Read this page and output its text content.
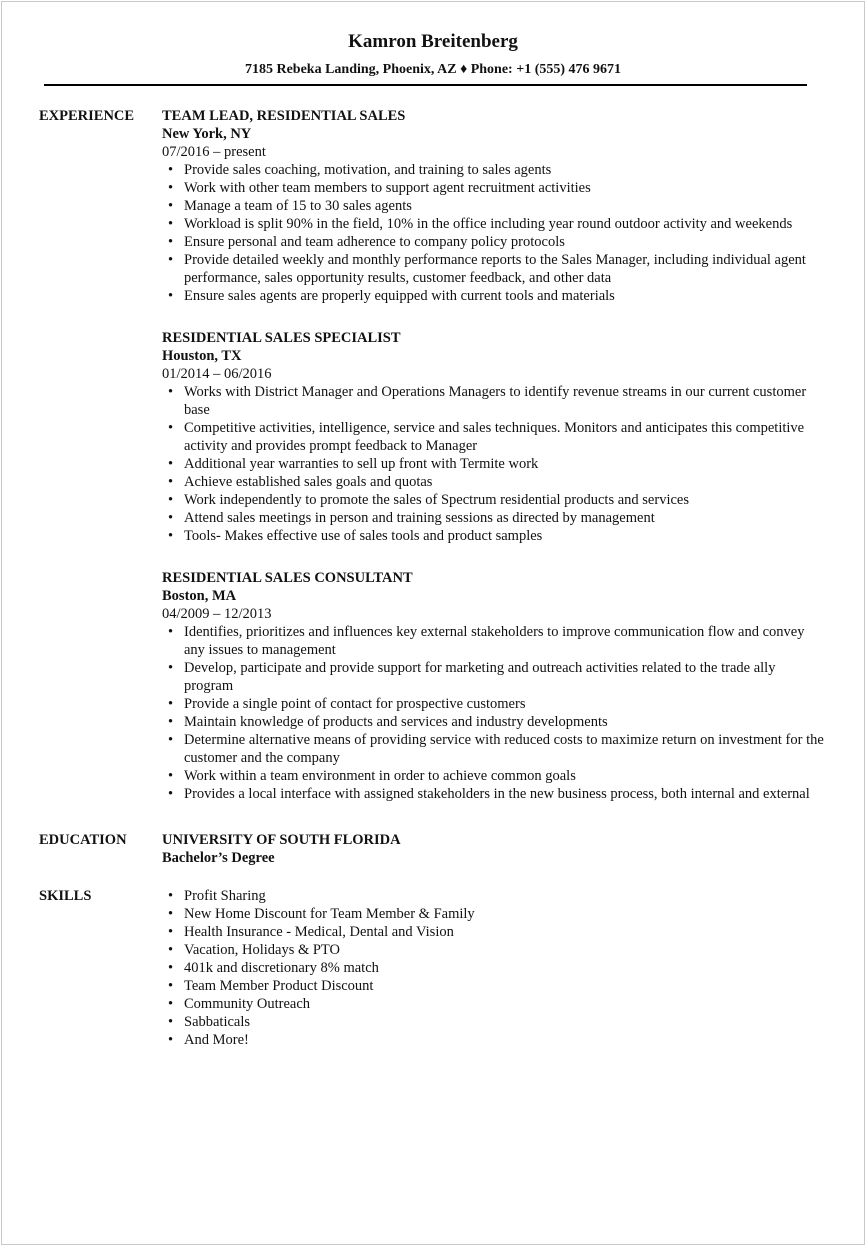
Kamron Breitenberg
7185 Rebeka Landing, Phoenix, AZ ♦ Phone: +1 (555) 476 9671
EXPERIENCE	TEAM LEAD, RESIDENTIAL SALES
New York, NY
07/2016 – present
• Provide sales coaching, motivation, and training to sales agents
• Work with other team members to support agent recruitment activities
• Manage a team of 15 to 30 sales agents
• Workload is split 90% in the field, 10% in the office including year round outdoor activity and weekends
• Ensure personal and team adherence to company policy protocols
• Provide detailed weekly and monthly performance reports to the Sales Manager, including individual agent performance, sales opportunity results, customer feedback, and other data
• Ensure sales agents are properly equipped with current tools and materials
RESIDENTIAL SALES SPECIALIST
Houston, TX
01/2014 – 06/2016
• Works with District Manager and Operations Managers to identify revenue streams in our current customer base
• Competitive activities, intelligence, service and sales techniques. Monitors and anticipates this competitive activity and provides prompt feedback to Manager
• Additional year warranties to sell up front with Termite work
• Achieve established sales goals and quotas
• Work independently to promote the sales of Spectrum residential products and services
• Attend sales meetings in person and training sessions as directed by management
• Tools- Makes effective use of sales tools and product samples
RESIDENTIAL SALES CONSULTANT
Boston, MA
04/2009 – 12/2013
• Identifies, prioritizes and influences key external stakeholders to improve communication flow and convey any issues to management
• Develop, participate and provide support for marketing and outreach activities related to the trade ally program
• Provide a single point of contact for prospective customers
• Maintain knowledge of products and services and industry developments
• Determine alternative means of providing service with reduced costs to maximize return on investment for the customer and the company
• Work within a team environment in order to achieve common goals
• Provides a local interface with assigned stakeholders in the new business process, both internal and external
EDUCATION	UNIVERSITY OF SOUTH FLORIDA
Bachelor’s Degree
SKILLS
•	Profit Sharing
• New Home Discount for Team Member & Family
• Health Insurance - Medical, Dental and Vision
• Vacation, Holidays & PTO
• 401k and discretionary 8% match
• Team Member Product Discount
• Community Outreach
• Sabbaticals
• And More!
